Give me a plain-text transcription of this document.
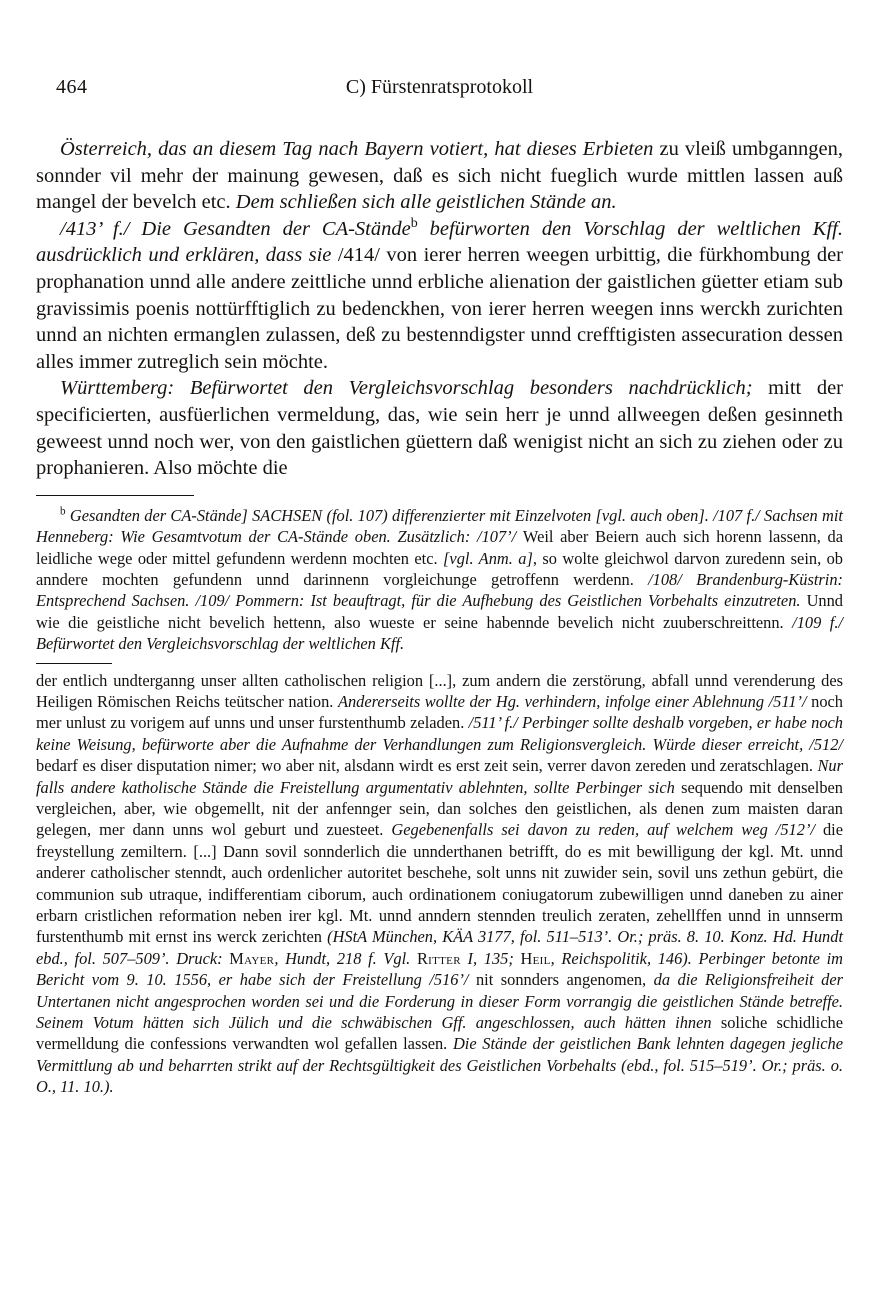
464	C) Fürstenratsprotokoll

Österreich, das an diesem Tag nach Bayern votiert, hat dieses Erbieten zu vleiß umbganngen, sonnder vil mehr der mainung gewesen, daß es sich nicht fueglich wurde mittlen lassen auß mangel der bevelch etc. Dem schließen sich alle geistlichen Stände an.

/413’ f./ Die Gesandten der CA-Stände$^b$ befürworten den Vorschlag der weltlichen Kff. ausdrücklich und erklären, dass sie /414/ von ierer herren weegen urbittig, die fürkhombung der prophanation unnd alle andere zeittliche unnd erbliche alienation der gaistlichen güetter etiam sub gravissimis poenis nottürfftiglich zu bedenckhen, von ierer herren weegen inns werckh zurichten unnd an nichten ermanglen zulassen, deß zu bestenndigster unnd crefftigisten assecuration dessen alles immer zutreglich sein möchte.

Württemberg: Befürwortet den Vergleichsvorschlag besonders nachdrücklich; mitt der specificierten, ausfüerlichen vermeldung, das, wie sein herr je unnd allweegen deßen gesinneth geweest unnd noch wer, von den gaistlichen güettern daß wenigist nicht an sich zu ziehen oder zu prophanieren. Also möchte die

$^b$ Gesandten der CA-Stände] SACHSEN (fol. 107) differenzierter mit Einzelvoten [vgl. auch oben]. /107 f./ Sachsen mit Henneberg: Wie Gesamtvotum der CA-Stände oben. Zusätzlich: /107’/ Weil aber Beiern auch sich horenn lassenn, da leidliche wege oder mittel gefundenn werdenn mochten etc. [vgl. Anm. a], so wolte gleichwol darvon zuredenn sein, ob anndere mochten gefundenn unnd darinnenn vorgleichunge getroffenn werdenn. /108/ Brandenburg-Küstrin: Entsprechend Sachsen. /109/ Pommern: Ist beauftragt, für die Aufhebung des Geistlichen Vorbehalts einzutreten. Unnd wie die geistliche nicht bevelich hettenn, also wueste er seine habennde bevelich nicht zuuberschreittenn. /109 f./ Befürwortet den Vergleichsvorschlag der weltlichen Kff.

der entlich undterganng unser allten catholischen religion [...], zum andern die zerstörung, abfall unnd verenderung des Heiligen Römischen Reichs teütscher nation. Andererseits wollte der Hg. verhindern, infolge einer Ablehnung /511’/ noch mer unlust zu vorigem auf unns und unser furstenthumb zeladen. /511’ f./ Perbinger sollte deshalb vorgeben, er habe noch keine Weisung, befürworte aber die Aufnahme der Verhandlungen zum Religionsvergleich. Würde dieser erreicht, /512/ bedarf es diser disputation nimer; wo aber nit, alsdann wirdt es erst zeit sein, verrer davon zereden und zeratschlagen. Nur falls andere katholische Stände die Freistellung argumentativ ablehnten, sollte Perbinger sich sequendo mit denselben vergleichen, aber, wie obgemellt, nit der anfennger sein, dan solches den geistlichen, als denen zum maisten daran gelegen, mer dann unns wol geburt und zuesteet. Gegebenenfalls sei davon zu reden, auf welchem weg /512’/ die freystellung zemiltern. [...] Dann sovil sonnderlich die unnderthanen betrifft, do es mit bewilligung der kgl. Mt. unnd anderer catholischer stenndt, auch ordenlicher autoritet beschehe, solt unns nit zuwider sein, sovil uns zethun gebürt, die communion sub utraque, indifferentiam ciborum, auch ordinationem coniugatorum zubewilligen unnd daneben zu ainer erbarn cristlichen reformation neben irer kgl. Mt. unnd anndern stennden treulich zeraten, zehellffen unnd in unnserm furstenthumb mit ernst ins werck zerichten (HStA München, KÄA 3177, fol. 511–513’. Or.; präs. 8. 10. Konz. Hd. Hundt ebd., fol. 507–509’. Druck: Mayer, Hundt, 218 f. Vgl. Ritter I, 135; Heil, Reichspolitik, 146). Perbinger betonte im Bericht vom 9. 10. 1556, er habe sich der Freistellung /516’/ nit sonnders angenomen, da die Religionsfreiheit der Untertanen nicht angesprochen worden sei und die Forderung in dieser Form vorrangig die geistlichen Stände betreffe. Seinem Votum hätten sich Jülich und die schwäbischen Gff. angeschlossen, auch hätten ihnen soliche schidliche vermelldung die confessions verwandten wol gefallen lassen. Die Stände der geistlichen Bank lehnten dagegen jegliche Vermittlung ab und beharrten strikt auf der Rechtsgültigkeit des Geistlichen Vorbehalts (ebd., fol. 515–519’. Or.; präs. o. O., 11. 10.).
